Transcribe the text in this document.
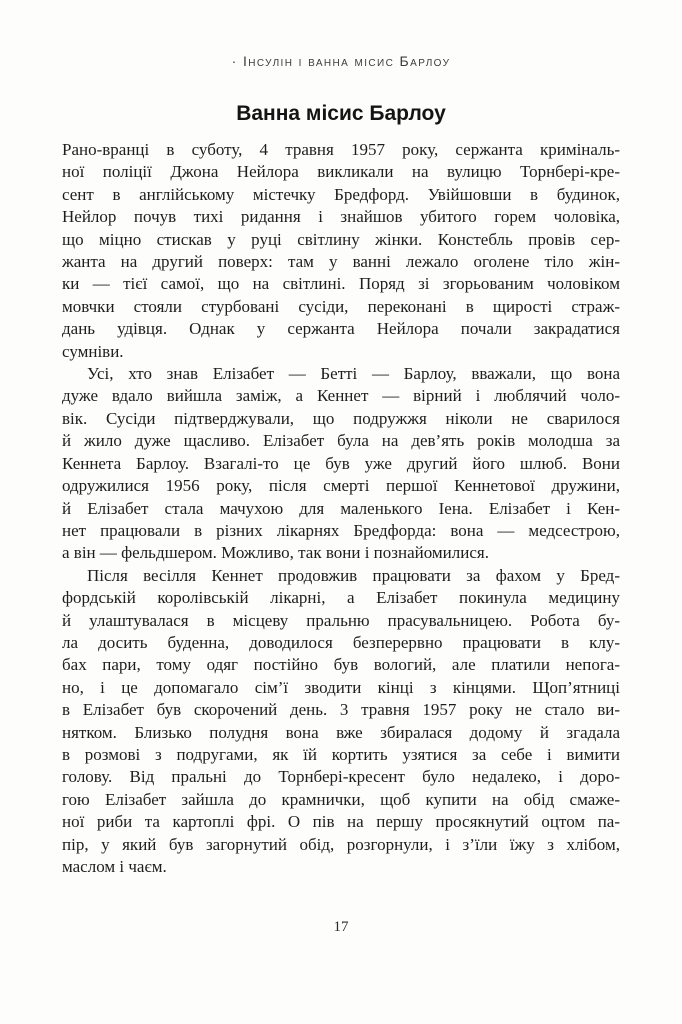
· Інсулін і ванна місис Барлоу
Ванна місис Барлоу
Рано-вранці в суботу, 4 травня 1957 року, сержанта криміналь-
ної поліції Джона Нейлора викликали на вулицю Торнбері-кре-
сент в англійському містечку Бредфорд. Увійшовши в будинок,
Нейлор почув тихі ридання і знайшов убитого горем чоловіка,
що міцно стискав у руці світлину жінки. Констебль провів сер-
жанта на другий поверх: там у ванні лежало оголене тіло жін-
ки — тієї самої, що на світлині. Поряд зі згорьованим чоловіком
мовчки стояли стурбовані сусіди, переконані в щирості страж-
дань удівця. Однак у сержанта Нейлора почали закрадатися
сумніви.
Усі, хто знав Елізабет — Бетті — Барлоу, вважали, що вона
дуже вдало вийшла заміж, а Кеннет — вірний і люблячий чоло-
вік. Сусіди підтверджували, що подружжя ніколи не сварилося
й жило дуже щасливо. Елізабет була на дев’ять років молодша за
Кеннета Барлоу. Взагалі-то це був уже другий його шлюб. Вони
одружилися 1956 року, після смерті першої Кеннетової дружини,
й Елізабет стала мачухою для маленького Іена. Елізабет і Кен-
нет працювали в різних лікарнях Бредфорда: вона — медсестрою,
а він — фельдшером. Можливо, так вони і познайомилися.
Після весілля Кеннет продовжив працювати за фахом у Бред-
фордській королівській лікарні, а Елізабет покинула медицину
й улаштувалася в місцеву пральню прасувальницею. Робота бу-
ла досить буденна, доводилося безперервно працювати в клу-
бах пари, тому одяг постійно був вологий, але платили непога-
но, і це допомагало сім’ї зводити кінці з кінцями. Щоп’ятниці
в Елізабет був скорочений день. 3 травня 1957 року не стало ви-
нятком. Близько полудня вона вже збиралася додому й згадала
в розмові з подругами, як їй кортить узятися за себе і вимити
голову. Від пральні до Торнбері-кресент було недалеко, і доро-
гою Елізабет зайшла до крамнички, щоб купити на обід смаже-
ної риби та картоплі фрі. О пів на першу просякнутий оцтом па-
пір, у який був загорнутий обід, розгорнули, і з’їли їжу з хлібом,
маслом і чаєм.
17
